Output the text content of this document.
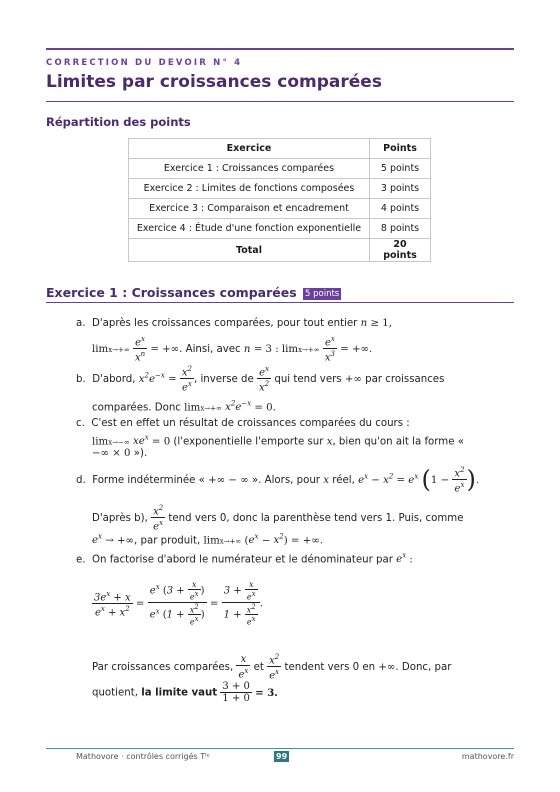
CORRECTION DU DEVOIR N° 4
Limites par croissances comparées
Répartition des points
Exercice	Points
Exercice 1 : Croissances comparées	5 points
Exercice 2 : Limites de fonctions composées	3 points
Exercice 3 : Comparaison et encadrement	4 points
Exercice 4 : Étude d'une fonction exponentielle	8 points
Total	20 points
Exercice 1 : Croissances comparées 5 points
a. D'après les croissances comparées, pour tout entier n ≥ 1,
$\lim x\to+\infty \frac{e^x}{x^n}$ = +∞. Ainsi, avec n = 3 : $\lim x\to+\infty \frac{e^x}{x^3}$ = +∞.
b. D'abord, $x^2e^{-x} = \frac{x^2}{e^x}$ , inverse de $\frac{e^x}{x^2}$ qui tend vers +∞ par croissances
comparées. Donc limx→+∞ $x^2e^{-x} = 0$.
c. C'est en effet un résultat de croissances comparées du cours :
limx→−∞ $xe^x = 0$ (l'exponentielle l'emporte sur x, bien qu'on ait la forme «
−∞ × 0 »).
d. Forme indéterminée « +∞ − ∞ ». Alors, pour x réel, $e^x - x^2 = e^x$ ($1 - \frac{x^2}{e^x}$ ).
D'après b), $\frac{x^2}{e^x}$ tend vers 0, donc la parenthèse tend vers 1. Puis, comme
$e^x$ → +∞, par produit, limx→+∞ $(e^x - x^2)$ = +∞.
e. On factorise d'abord le numérateur et le dénominateur par $e^x$ :
$\frac{3e^x + x}{e^x + x^2} = \frac{e^x (3 + \frac{x}{ex} )}{e^x (1 + \frac{x2}{ex} )} = \frac{3 + \frac{x}{ex}}{1 + \frac{x2}{ex}}$ .
Par croissances comparées, $\frac{x}{e^x}$ et $\frac{x^2}{e^x}$ tendent vers 0 en +∞. Donc, par
quotient, la limite vaut $\frac{3 + 0}{1 + 0} = 3$.
Mathovore · contrôles corrigés Tˡᵉ	99	mathovore.fr
